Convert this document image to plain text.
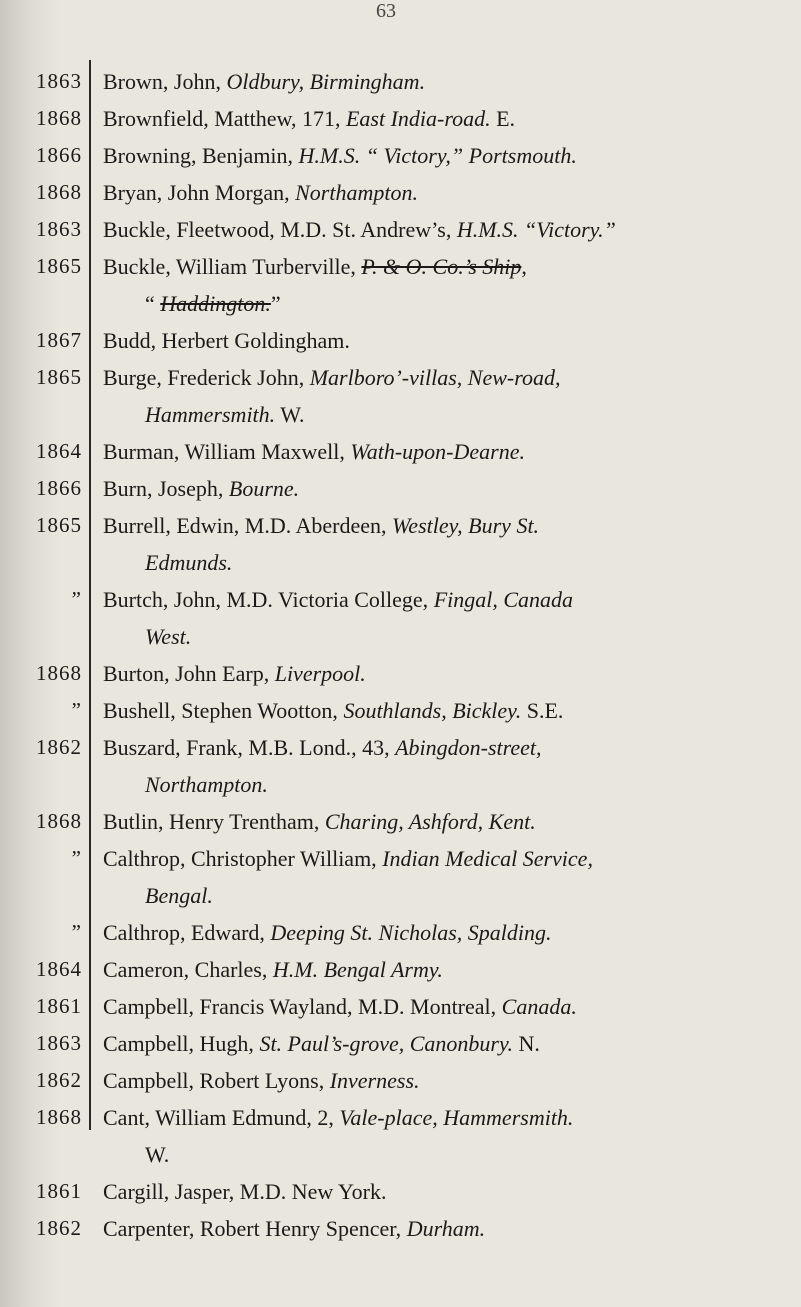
63
1863
1868
1866
1868
1863
1865
1867
1865
1864
1866
1865
”
1868
”
1862
1868
”
”
1864
1861
1863
1862
1868
1861
1862
Brown, John, Oldbury, Birmingham.
Brownfield, Matthew, 171, East India-road. E.
Browning, Benjamin, H.M.S. “ Victory,” Portsmouth.
Bryan, John Morgan, Northampton.
Buckle, Fleetwood, M.D. St. Andrew’s, H.M.S. “Victory.”
Buckle, William Turberville, P. & O. Co.’s Ship,
“ Haddington.”
Budd, Herbert Goldingham.
Burge, Frederick John, Marlboro’-villas, New-road,
Hammersmith. W.
Burman, William Maxwell, Wath-upon-Dearne.
Burn, Joseph, Bourne.
Burrell, Edwin, M.D. Aberdeen, Westley, Bury St.
Edmunds.
Burtch, John, M.D. Victoria College, Fingal, Canada
West.
Burton, John Earp, Liverpool.
Bushell, Stephen Wootton, Southlands, Bickley. S.E.
Buszard, Frank, M.B. Lond., 43, Abingdon-street,
Northampton.
Butlin, Henry Trentham, Charing, Ashford, Kent.
Calthrop, Christopher William, Indian Medical Service,
Bengal.
Calthrop, Edward, Deeping St. Nicholas, Spalding.
Cameron, Charles, H.M. Bengal Army.
Campbell, Francis Wayland, M.D. Montreal, Canada.
Campbell, Hugh, St. Paul’s-grove, Canonbury. N.
Campbell, Robert Lyons, Inverness.
Cant, William Edmund, 2, Vale-place, Hammersmith.
W.
Cargill, Jasper, M.D. New York.
Carpenter, Robert Henry Spencer, Durham.
